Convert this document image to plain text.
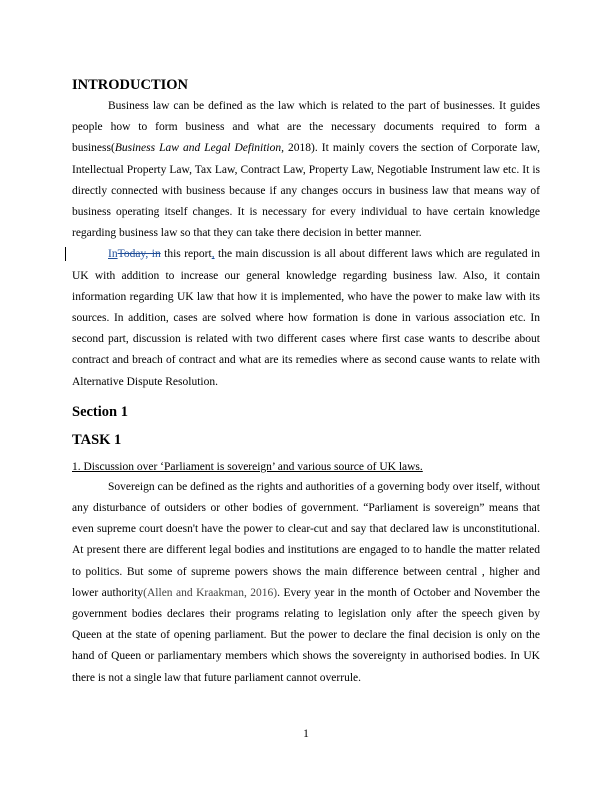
INTRODUCTION

Business law can be defined as the law which is related to the part of businesses. It guides people how to form business and what are the necessary documents required to form a business(Business Law and Legal Definition, 2018). It mainly covers the section of Corporate law, Intellectual Property Law, Tax Law, Contract Law, Property Law, Negotiable Instrument law etc. It is directly connected with business because if any changes occurs in business law that means way of business operating itself changes. It is necessary for every individual to have certain knowledge regarding business law so that they can take there decision in better manner.

InToday, in this report, the main discussion is all about different laws which are regulated in UK with addition to increase our general knowledge regarding business law. Also, it contain information regarding UK law that how it is implemented, who have the power to make law with its sources. In addition, cases are solved where how formation is done in various association etc. In second part, discussion is related with two different cases where first case wants to describe about contract and breach of contract and what are its remedies where as second cause wants to relate with Alternative Dispute Resolution.

Section 1
TASK 1

1. Discussion over ‘Parliament is sovereign’ and various source of UK laws.

Sovereign can be defined as the rights and authorities of a governing body over itself, without any disturbance of outsiders or other bodies of government. “Parliament is sovereign” means that even supreme court doesn't have the power to clear-cut and say that declared law is unconstitutional. At present there are different legal bodies and institutions are engaged to to handle the matter related to politics. But some of supreme powers shows the main difference between central , higher and lower authority(Allen and Kraakman, 2016). Every year in the month of October and November the government bodies declares their programs relating to legislation only after the speech given by Queen at the state of opening parliament. But the power to declare the final decision is only on the hand of Queen or parliamentary members which shows the sovereignty in authorised bodies. In UK there is not a single law that future parliament cannot overrule.

1
